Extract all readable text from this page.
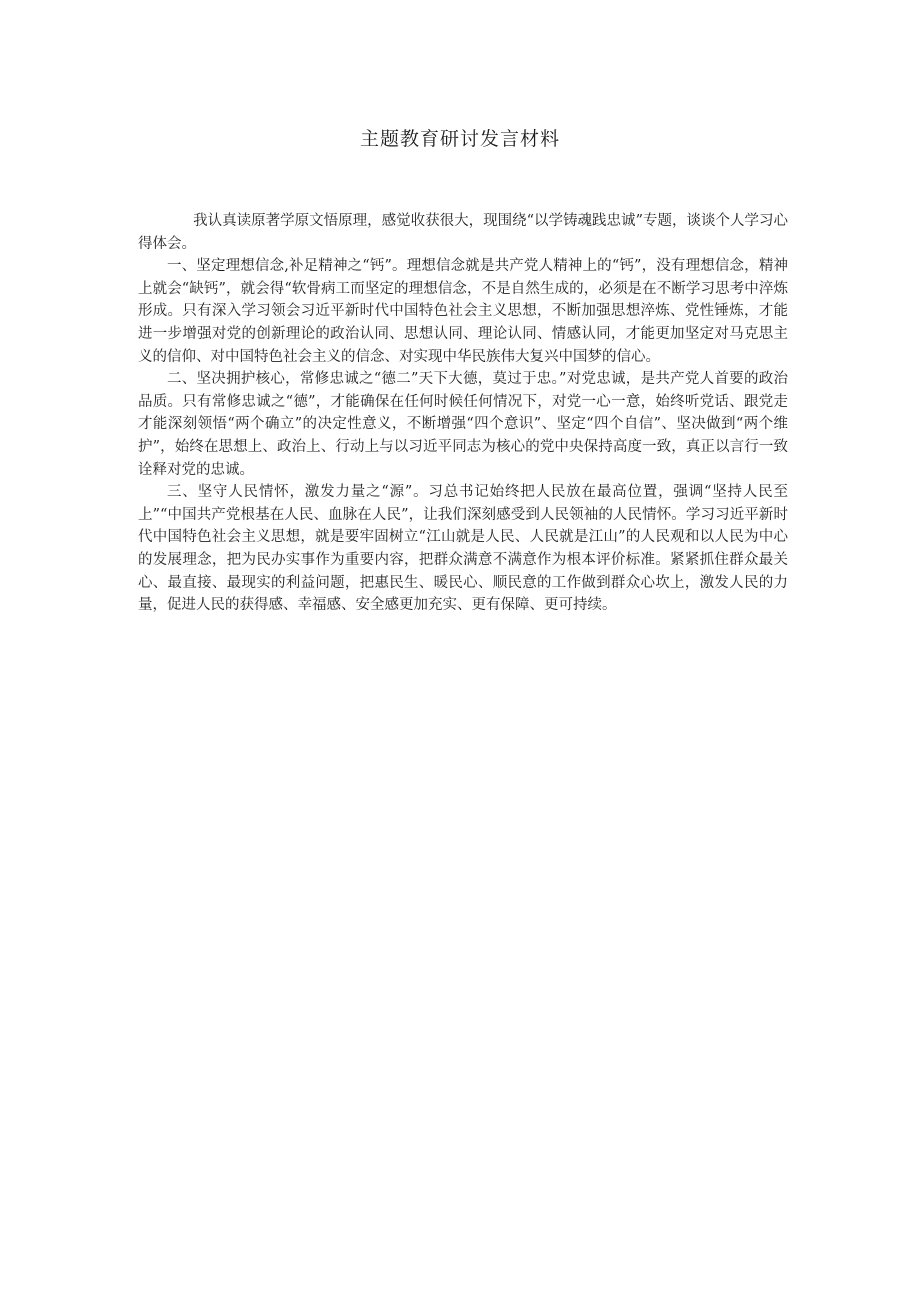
主题教育研讨发言材料

我认真读原著学原文悟原理，感觉收获很大，现围绕“以学铸魂践忠诚”专题，谈谈个人学习心得体会。

一、坚定理想信念,补足精神之“钙”。理想信念就是共产党人精神上的“钙”，没有理想信念，精神上就会“缺钙”，就会得“软骨病工而坚定的理想信念，不是自然生成的，必须是在不断学习思考中淬炼形成。只有深入学习领会习近平新时代中国特色社会主义思想，不断加强思想淬炼、党性锤炼，才能进一步增强对党的创新理论的政治认同、思想认同、理论认同、情感认同，才能更加坚定对马克思主义的信仰、对中国特色社会主义的信念、对实现中华民族伟大复兴中国梦的信心。

二、坚决拥护核心，常修忠诚之“德二”天下大德，莫过于忠。”对党忠诚，是共产党人首要的政治品质。只有常修忠诚之“德”，才能确保在任何时候任何情况下，对党一心一意，始终听党话、跟党走才能深刻领悟“两个确立”的决定性意义，不断增强“四个意识”、坚定“四个自信”、坚决做到“两个维护”，始终在思想上、政治上、行动上与以习近平同志为核心的党中央保持高度一致，真正以言行一致诠释对党的忠诚。

三、坚守人民情怀，激发力量之“源”。习总书记始终把人民放在最高位置，强调“坚持人民至上”“中国共产党根基在人民、血脉在人民”，让我们深刻感受到人民领袖的人民情怀。学习习近平新时代中国特色社会主义思想，就是要牢固树立“江山就是人民、人民就是江山”的人民观和以人民为中心的发展理念，把为民办实事作为重要内容，把群众满意不满意作为根本评价标准。紧紧抓住群众最关心、最直接、最现实的利益问题，把惠民生、暖民心、顺民意的工作做到群众心坎上，激发人民的力量，促进人民的获得感、幸福感、安全感更加充实、更有保障、更可持续。
